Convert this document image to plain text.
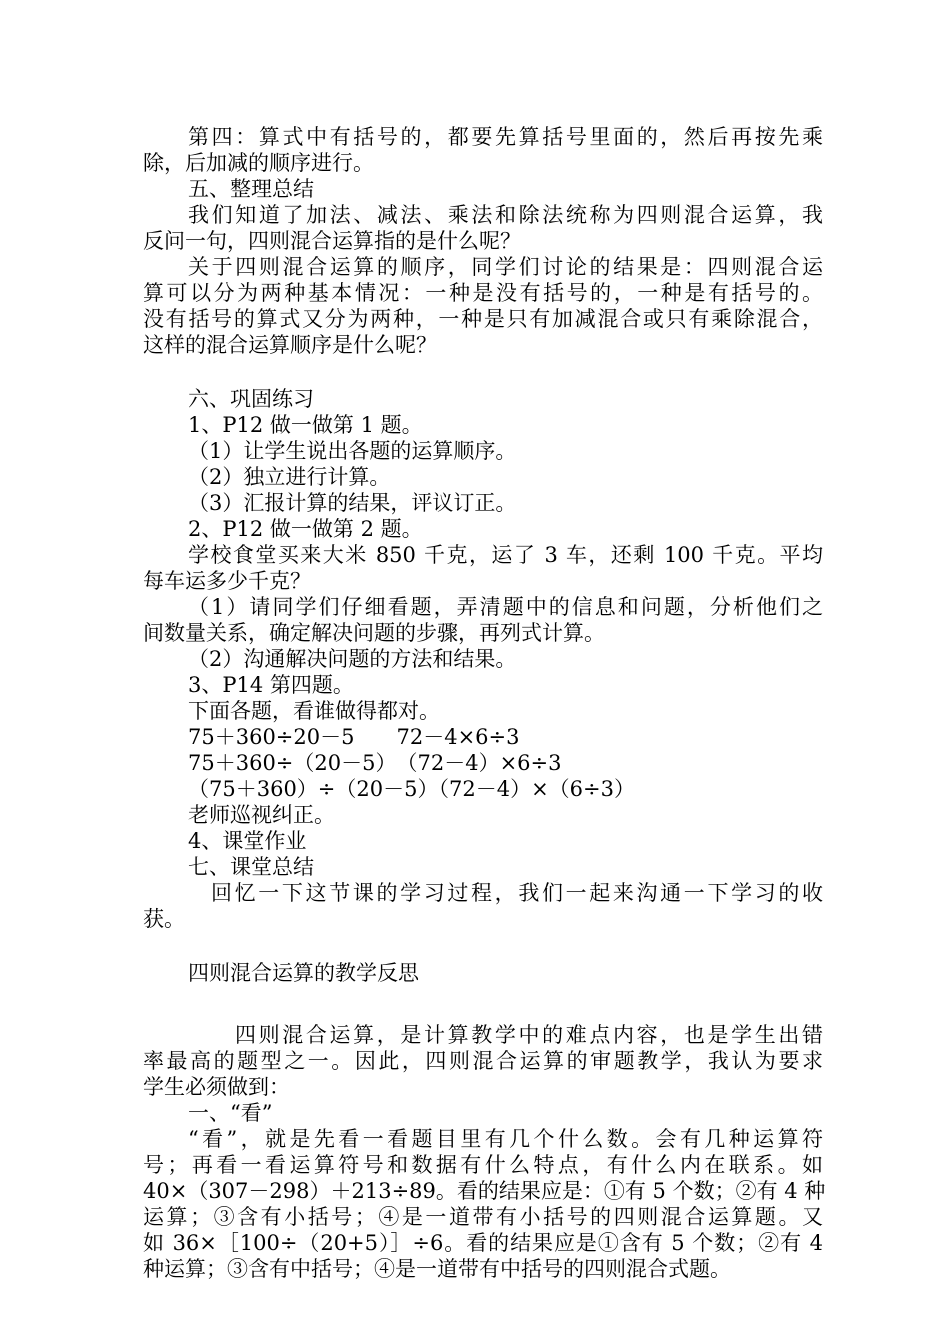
第四：算式中有括号的，都要先算括号里面的，然后再按先乘
除，后加减的顺序进行。
五、整理总结
我们知道了加法、减法、乘法和除法统称为四则混合运算，我
反问一句，四则混合运算指的是什么呢？
关于四则混合运算的顺序，同学们讨论的结果是：四则混合运
算可以分为两种基本情况：一种是没有括号的，一种是有括号的。
没有括号的算式又分为两种，一种是只有加减混合或只有乘除混合，
这样的混合运算顺序是什么呢？
六、巩固练习
1、P12 做一做第 1 题。
（1）让学生说出各题的运算顺序。
（2）独立进行计算。
（3）汇报计算的结果，评议订正。
2、P12 做一做第 2 题。
学校食堂买来大米 850 千克，运了 3 车，还剩 100 千克。平均
每车运多少千克？
（1）请同学们仔细看题，弄清题中的信息和问题，分析他们之
间数量关系，确定解决问题的步骤，再列式计算。
（2）沟通解决问题的方法和结果。
3、P14 第四题。
下面各题，看谁做得都对。
75＋360÷20－5　　72－4×6÷3
75＋360÷（20－5）　（72－4）×6÷3
（75＋360）÷（20－5）（72－4）×（6÷3）
老师巡视纠正。
4、课堂作业
七、课堂总结
回忆一下这节课的学习过程，我们一起来沟通一下学习的收
获。
四则混合运算的教学反思
四则混合运算，是计算教学中的难点内容，也是学生出错
率最高的题型之一。因此，四则混合运算的审题教学，我认为要求
学生必须做到：
一、“看”
“看”，就是先看一看题目里有几个什么数。会有几种运算符
号；再看一看运算符号和数据有什么特点，有什么内在联系。如
40×（307－298）＋213÷89。看的结果应是：①有 5 个数；②有 4 种
运算；③含有小括号；④是一道带有小括号的四则混合运算题。又
如 36×［100÷（20+5）］÷6。看的结果应是①含有 5 个数；②有 4
种运算；③含有中括号；④是一道带有中括号的四则混合式题。
